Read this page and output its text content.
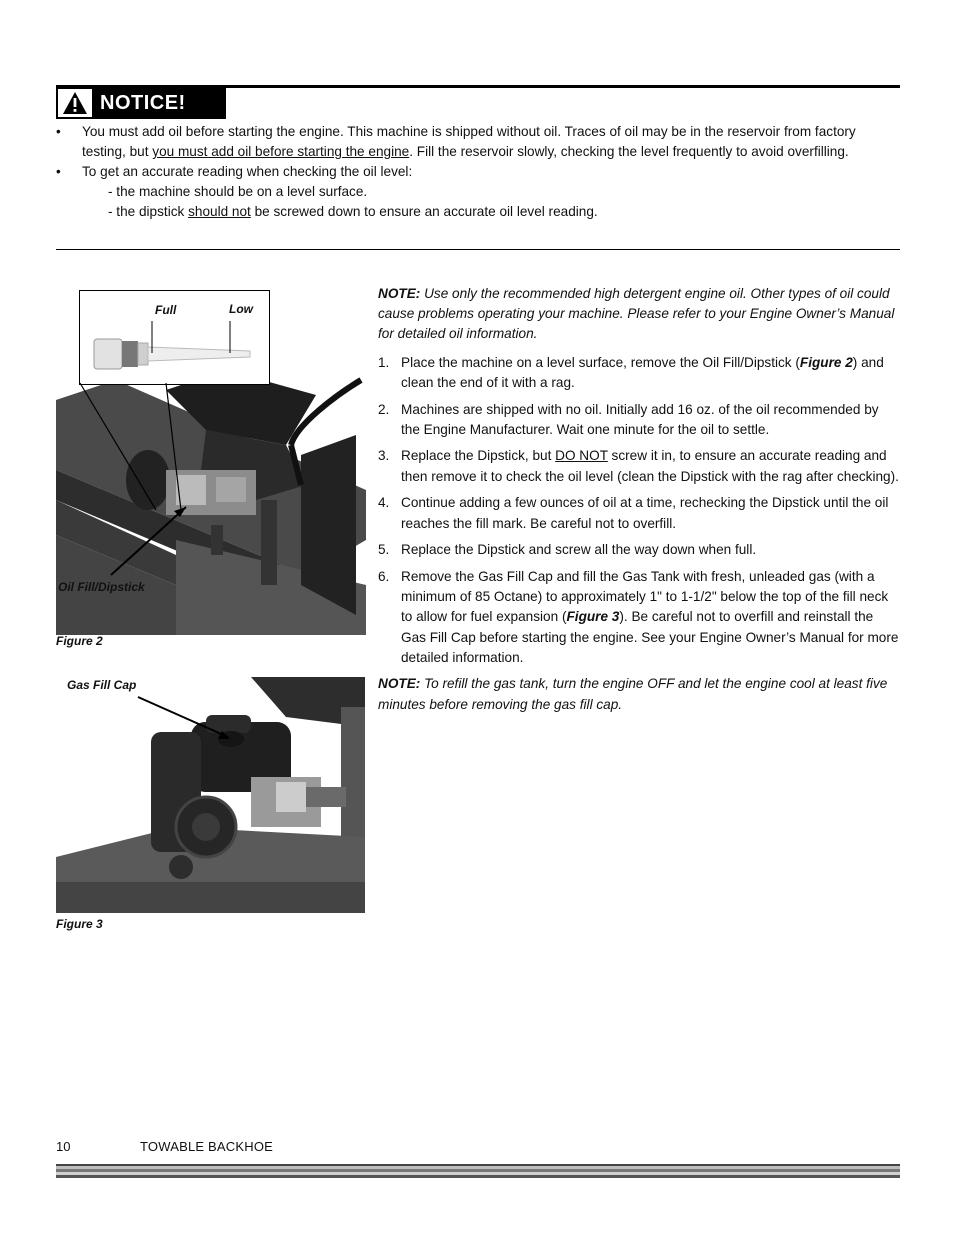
NOTICE!
• You must add oil before starting the engine. This machine is shipped without oil. Traces of oil may be in the reservoir from factory testing, but you must add oil before starting the engine. Fill the reservoir slowly, checking the level frequently to avoid overfilling.
• To get an accurate reading when checking the oil level:
- the machine should be on a level surface.
- the dipstick should not be screwed down to ensure an accurate oil level reading.
Full	Low
Oil Fill/Dipstick
Figure 2
Gas Fill Cap
Figure 3
NOTE: Use only the recommended high detergent engine oil. Other types of oil could cause problems operating your machine. Please refer to your Engine Owner’s Manual for detailed oil information.
1. Place the machine on a level surface, remove the Oil Fill/Dipstick (Figure 2) and clean the end of it with a rag.
2. Machines are shipped with no oil. Initially add 16 oz. of the oil recommended by the Engine Manufacturer. Wait one minute for the oil to settle.
3. Replace the Dipstick, but DO NOT screw it in, to ensure an accurate reading and then remove it to check the oil level (clean the Dipstick with the rag after checking).
4. Continue adding a few ounces of oil at a time, rechecking the Dipstick until the oil reaches the fill mark. Be careful not to overfill.
5. Replace the Dipstick and screw all the way down when full.
6. Remove the Gas Fill Cap and fill the Gas Tank with fresh, unleaded gas (with a minimum of 85 Octane) to approximately 1" to 1-1/2" below the top of the fill neck to allow for fuel expansion (Figure 3). Be careful not to overfill and reinstall the Gas Fill Cap before starting the engine. See your Engine Owner’s Manual for more detailed information.
NOTE: To refill the gas tank, turn the engine OFF and let the engine cool at least five minutes before removing the gas fill cap.
10	TOWABLE BACKHOE
